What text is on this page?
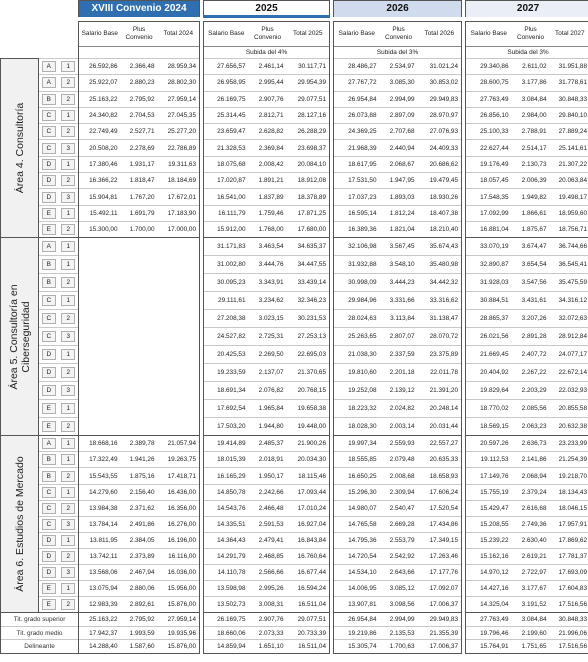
			XVIII Convenio 2024				2025				2026				2027		

			Salario Base	Plus Convenio	Total 2024		Salario Base	Plus Convenio	Total 2025		Salario Base	Plus Convenio	Total 2026		Salario Base	Plus Convenio	Total 2027
							Subida del 4%				Subida del 3%				Subida del 3%		

Área 4. Consultoría	A	1	26.592,86	2.366,48	28.959,34		27.656,57	2.461,14	30.117,71		28.486,27	2.534,97	31.021,24		29.340,86	2.611,02	31.951,88
	A	2	25.922,07	2.880,23	28.802,30		26.958,95	2.995,44	29.954,39		27.767,72	3.085,30	30.853,02		28.600,75	3.177,86	31.778,61
	B	2	25.163,22	2.795,92	27.959,14		26.169,75	2.907,76	29.077,51		26.954,84	2.994,99	29.949,83		27.763,49	3.084,84	30.848,33
	C	1	24.340,82	2.704,53	27.045,35		25.314,45	2.812,71	28.127,16		26.073,88	2.897,09	28.970,97		26.856,10	2.984,00	29.840,10
	C	2	22.749,49	2.527,71	25.277,20		23.659,47	2.628,82	26.288,29		24.369,25	2.707,68	27.076,93		25.100,33	2.788,91	27.889,24
	C	3	20.508,20	2.278,69	22.786,89		21.328,53	2.369,84	23.698,37		21.968,39	2.440,94	24.409,33		22.627,44	2.514,17	25.141,61
	D	1	17.380,46	1.931,17	19.311,63		18.075,68	2.008,42	20.084,10		18.617,95	2.068,67	20.686,62		19.176,49	2.130,73	21.307,22
	D	2	16.366,22	1.818,47	18.184,69		17.020,87	1.891,21	18.912,08		17.531,50	1.947,95	19.479,45		18.057,45	2.006,39	20.063,84
	D	3	15.904,81	1.767,20	17.672,01		16.541,00	1.837,89	18.378,89		17.037,23	1.893,03	18.930,26		17.548,35	1.949,82	19.498,17
	E	1	15.492,11	1.691,79	17.183,90		16.111,79	1.759,46	17.871,25		16.595,14	1.812,24	18.407,38		17.092,99	1.866,61	18.959,60
	E	2	15.300,00	1.700,00	17.000,00		15.912,00	1.768,00	17.680,00		16.389,36	1.821,04	18.210,40		16.881,04	1.875,67	18.756,71

Área 5. Consultoría en Ciberseguridad	A	1					31.171,83	3.463,54	34.635,37		32.106,98	3.567,45	35.674,43		33.070,19	3.674,47	36.744,66
	B	1					31.002,80	3.444,76	34.447,55		31.932,88	3.548,10	35.480,98		32.890,87	3.654,54	36.545,41
	B	2					30.095,23	3.343,91	33.439,14		30.998,09	3.444,23	34.442,32		31.928,03	3.547,56	35.475,59
	C	1					29.111,61	3.234,62	32.346,23		29.984,96	3.331,66	33.316,62		30.884,51	3.431,61	34.316,12
	C	2					27.208,38	3.023,15	30.231,53		28.024,63	3.113,84	31.138,47		28.865,37	3.207,26	32.072,63
	C	3					24.527,82	2.725,31	27.253,13		25.263,65	2.807,07	28.070,72		26.021,56	2.891,28	28.912,84
	D	1					20.425,53	2.269,50	22.695,03		21.038,30	2.337,59	23.375,89		21.669,45	2.407,72	24.077,17
	D	2					19.233,59	2.137,07	21.370,65		19.810,60	2.201,18	22.011,78		20.404,92	2.267,22	22.672,14
	D	3					18.691,34	2.076,82	20.768,15		19.252,08	2.139,12	21.391,20		19.829,64	2.203,29	22.032,93
	E	1					17.692,54	1.965,84	19.658,38		18.223,32	2.024,82	20.248,14		18.770,02	2.085,56	20.855,58
	E	2					17.503,20	1.944,80	19.448,00		18.028,30	2.003,14	20.031,44		18.569,15	2.063,23	20.632,38

Área 6. Estudios de Mercado	A	1	18.668,16	2.389,78	21.057,94		19.414,89	2.485,37	21.900,26		19.997,34	2.559,93	22.557,27		20.597,26	2.636,73	23.233,99
	B	1	17.322,49	1.941,26	19.263,75		18.015,39	2.018,91	20.034,30		18.555,85	2.079,48	20.635,33		19.112,53	2.141,86	21.254,39
	B	2	15.543,55	1.875,16	17.418,71		16.165,29	1.950,17	18.115,46		16.650,25	2.008,68	18.658,93		17.149,76	2.068,94	19.218,70
	C	1	14.279,60	2.156,40	16.436,00		14.850,78	2.242,66	17.093,44		15.296,30	2.309,94	17.606,24		15.755,19	2.379,24	18.134,43
	C	2	13.984,38	2.371,62	16.356,00		14.543,76	2.466,48	17.010,24		14.980,07	2.540,47	17.520,54		15.429,47	2.616,68	18.046,15
	C	3	13.784,14	2.491,86	16.276,00		14.335,51	2.591,53	16.927,04		14.765,58	2.669,28	17.434,86		15.208,55	2.749,36	17.957,91
	D	1	13.811,95	2.384,05	16.196,00		14.364,43	2.479,41	16.843,84		14.795,36	2.553,79	17.349,15		15.239,22	2.630,40	17.869,62
	D	2	13.742,11	2.373,89	16.116,00		14.291,79	2.468,85	16.760,64		14.720,54	2.542,92	17.263,46		15.162,16	2.619,21	17.781,37
	D	3	13.568,06	2.467,94	16.036,00		14.110,78	2.566,66	16.677,44		14.534,10	2.643,66	17.177,76		14.970,12	2.722,97	17.693,09
	E	1	13.075,94	2.880,06	15.956,00		13.598,98	2.995,26	16.594,24		14.006,95	3.085,12	17.092,07		14.427,16	3.177,67	17.604,83
	E	2	12.983,39	2.892,61	15.876,00		13.502,73	3.008,31	16.511,04		13.907,81	3.098,56	17.006,37		14.325,04	3.191,52	17.516,56
Tit. grado superior			25.163,22	2.795,92	27.959,14		26.169,75	2.907,76	29.077,51		26.954,84	2.994,99	29.949,83		27.763,49	3.084,84	30.848,33
Tit. grado medio			17.942,37	1.993,59	19.935,96		18.660,06	2.073,33	20.733,39		19.219,86	2.135,53	21.355,39		19.796,46	2.199,60	21.996,06
Delineante			14.288,40	1.587,60	15.876,00		14.859,94	1.651,10	16.511,04		15.305,74	1.700,63	17.006,37		15.764,91	1.751,65	17.516,56
